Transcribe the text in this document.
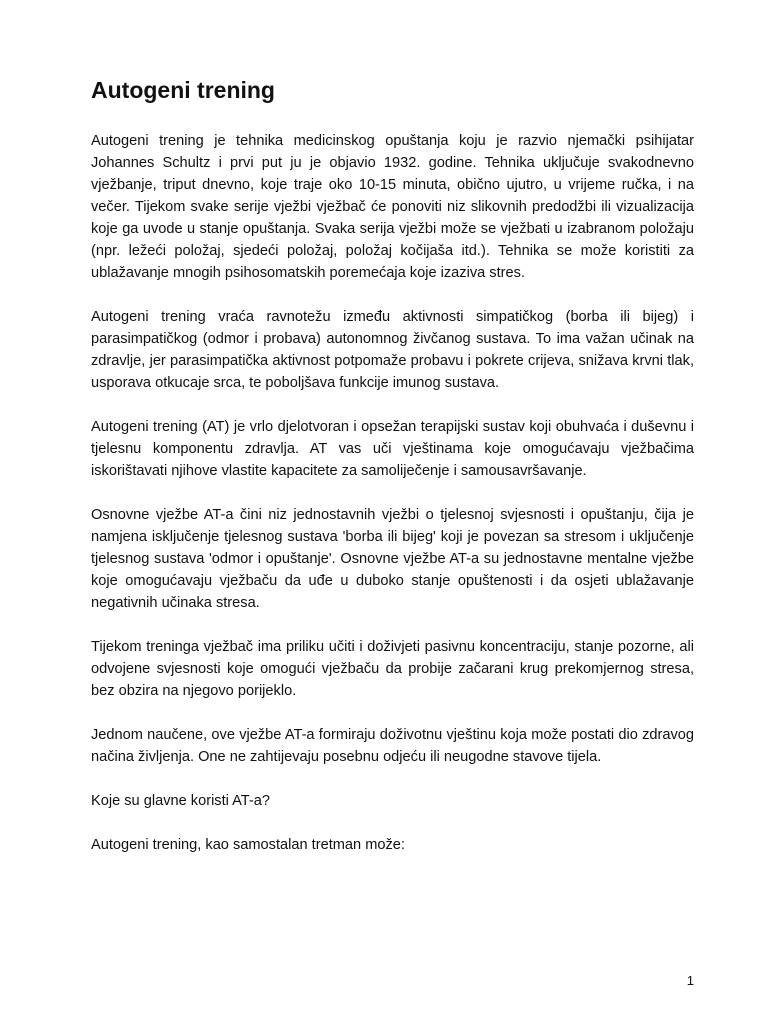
Autogeni trening

Autogeni trening je tehnika medicinskog opuštanja koju je razvio njemački psihijatar Johannes Schultz i prvi put ju je objavio 1932. godine. Tehnika uključuje svakodnevno vježbanje, triput dnevno, koje traje oko 10-15 minuta, obično ujutro, u vrijeme ručka, i na večer. Tijekom svake serije vježbi vježbač će ponoviti niz slikovnih predodžbi ili vizualizacija koje ga uvode u stanje opuštanja. Svaka serija vježbi može se vježbati u izabranom položaju (npr. ležeći položaj, sjedeći položaj, položaj kočijaša itd.). Tehnika se može koristiti za ublažavanje mnogih psihosomatskih poremećaja koje izaziva stres.

Autogeni trening vraća ravnotežu između aktivnosti simpatičkog (borba ili bijeg) i parasimpatičkog (odmor i probava) autonomnog živčanog sustava. To ima važan učinak na zdravlje, jer parasimpatička aktivnost potpomaže probavu i pokrete crijeva, snižava krvni tlak, usporava otkucaje srca, te poboljšava funkcije imunog sustava.

Autogeni trening (AT) je vrlo djelotvoran i opsežan terapijski sustav koji obuhvaća i duševnu i tjelesnu komponentu zdravlja. AT vas uči vještinama koje omogućavaju vježbačima iskorištavati njihove vlastite kapacitete za samoliječenje i samousavršavanje.

Osnovne vježbe AT-a čini niz jednostavnih vježbi o tjelesnoj svjesnosti i opuštanju, čija je namjena isključenje tjelesnog sustava 'borba ili bijeg' koji je povezan sa stresom i uključenje tjelesnog sustava 'odmor i opuštanje'. Osnovne vježbe AT-a su jednostavne mentalne vježbe koje omogućavaju vježbaču da uđe u duboko stanje opuštenosti i da osjeti ublažavanje negativnih učinaka stresa.

Tijekom treninga vježbač ima priliku učiti i doživjeti pasivnu koncentraciju, stanje pozorne, ali odvojene svjesnosti koje omogući vježbaču da probije začarani krug prekomjernog stresa, bez obzira na njegovo porijeklo.

Jednom naučene, ove vježbe AT-a formiraju doživotnu vještinu koja može postati dio zdravog načina življenja. One ne zahtijevaju posebnu odjeću ili neugodne stavove tijela.

Koje su glavne koristi AT-a?

Autogeni trening, kao samostalan tretman može:

1
